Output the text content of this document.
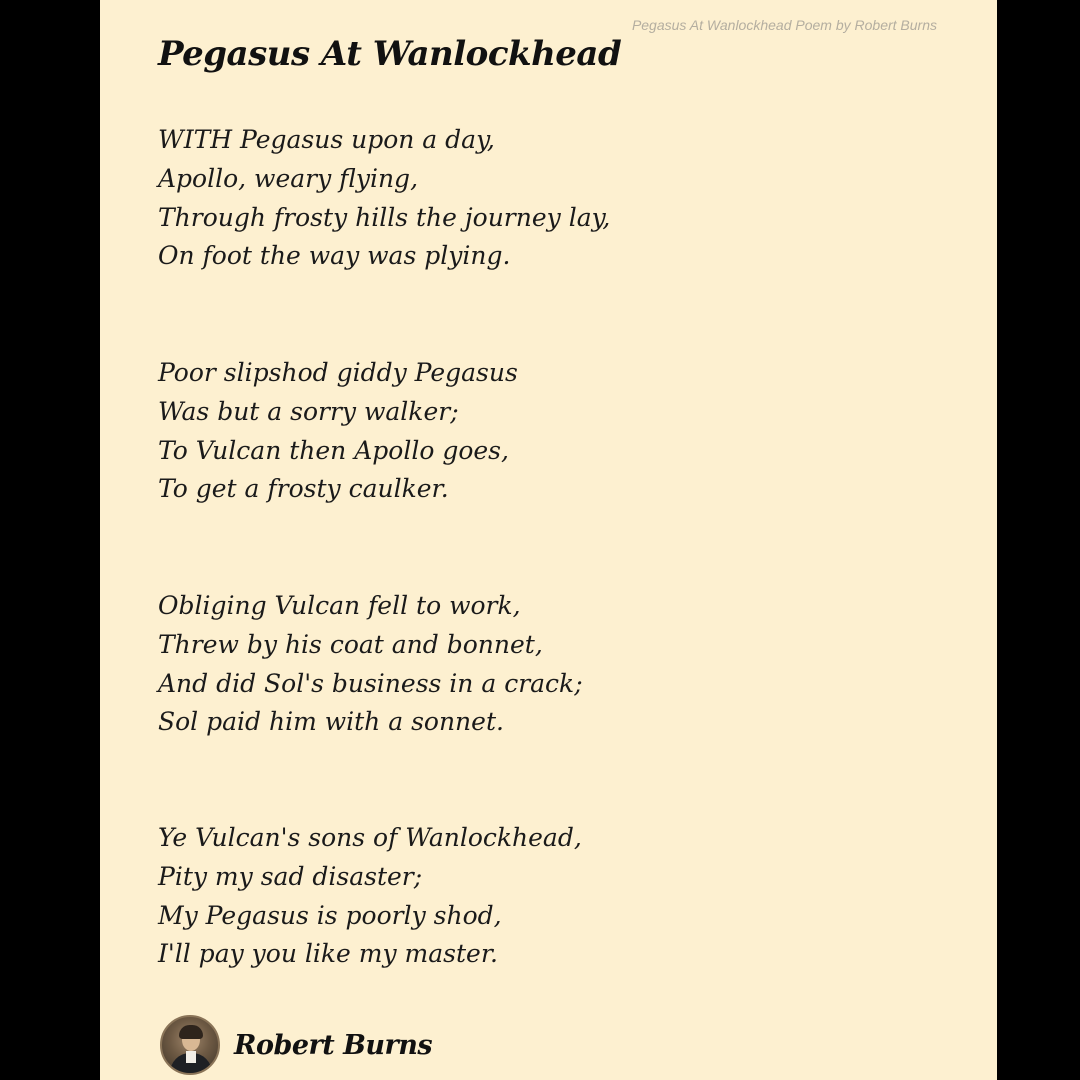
Pegasus At Wanlockhead Poem by Robert Burns
Pegasus At Wanlockhead
WITH Pegasus upon a day,
Apollo, weary flying,
Through frosty hills the journey lay,
On foot the way was plying.
Poor slipshod giddy Pegasus
Was but a sorry walker;
To Vulcan then Apollo goes,
To get a frosty caulker.
Obliging Vulcan fell to work,
Threw by his coat and bonnet,
And did Sol's business in a crack;
Sol paid him with a sonnet.
Ye Vulcan's sons of Wanlockhead,
Pity my sad disaster;
My Pegasus is poorly shod,
I'll pay you like my master.
Robert Burns
